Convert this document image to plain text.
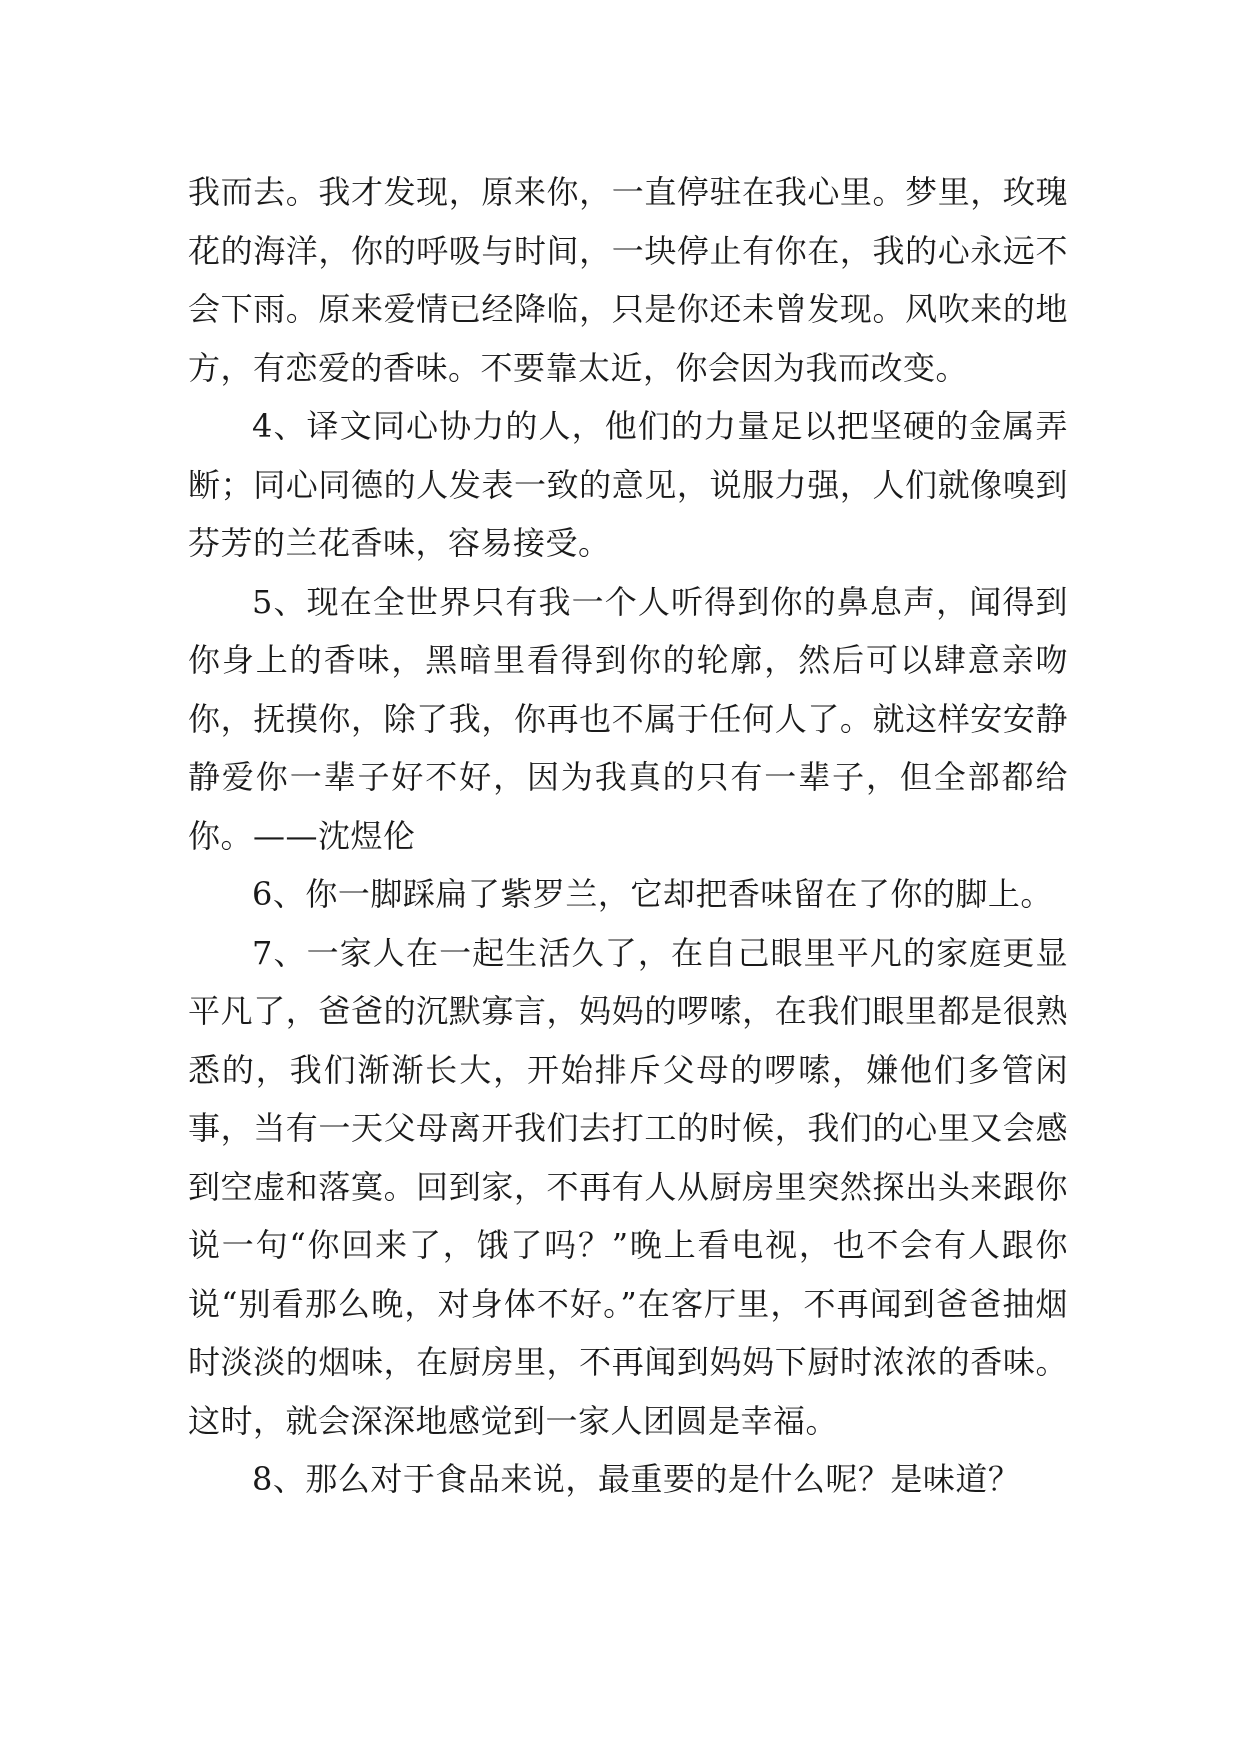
我而去。我才发现，原来你，一直停驻在我心里。梦里，玫瑰花的海洋，你的呼吸与时间，一块停止有你在，我的心永远不会下雨。原来爱情已经降临，只是你还未曾发现。风吹来的地方，有恋爱的香味。不要靠太近，你会因为我而改变。

4、译文同心协力的人，他们的力量足以把坚硬的金属弄断；同心同德的人发表一致的意见，说服力强，人们就像嗅到芬芳的兰花香味，容易接受。

5、现在全世界只有我一个人听得到你的鼻息声，闻得到你身上的香味，黑暗里看得到你的轮廓，然后可以肆意亲吻你，抚摸你，除了我，你再也不属于任何人了。就这样安安静静爱你一辈子好不好，因为我真的只有一辈子，但全部都给你。——沈煜伦

6、你一脚踩扁了紫罗兰，它却把香味留在了你的脚上。

7、一家人在一起生活久了，在自己眼里平凡的家庭更显平凡了，爸爸的沉默寡言，妈妈的啰嗦，在我们眼里都是很熟悉的，我们渐渐长大，开始排斥父母的啰嗦，嫌他们多管闲事，当有一天父母离开我们去打工的时候，我们的心里又会感到空虚和落寞。回到家，不再有人从厨房里突然探出头来跟你说一句“你回来了，饿了吗？”晚上看电视，也不会有人跟你说“别看那么晚，对身体不好。”在客厅里，不再闻到爸爸抽烟时淡淡的烟味，在厨房里，不再闻到妈妈下厨时浓浓的香味。这时，就会深深地感觉到一家人团圆是幸福。

8、那么对于食品来说，最重要的是什么呢？是味道？
